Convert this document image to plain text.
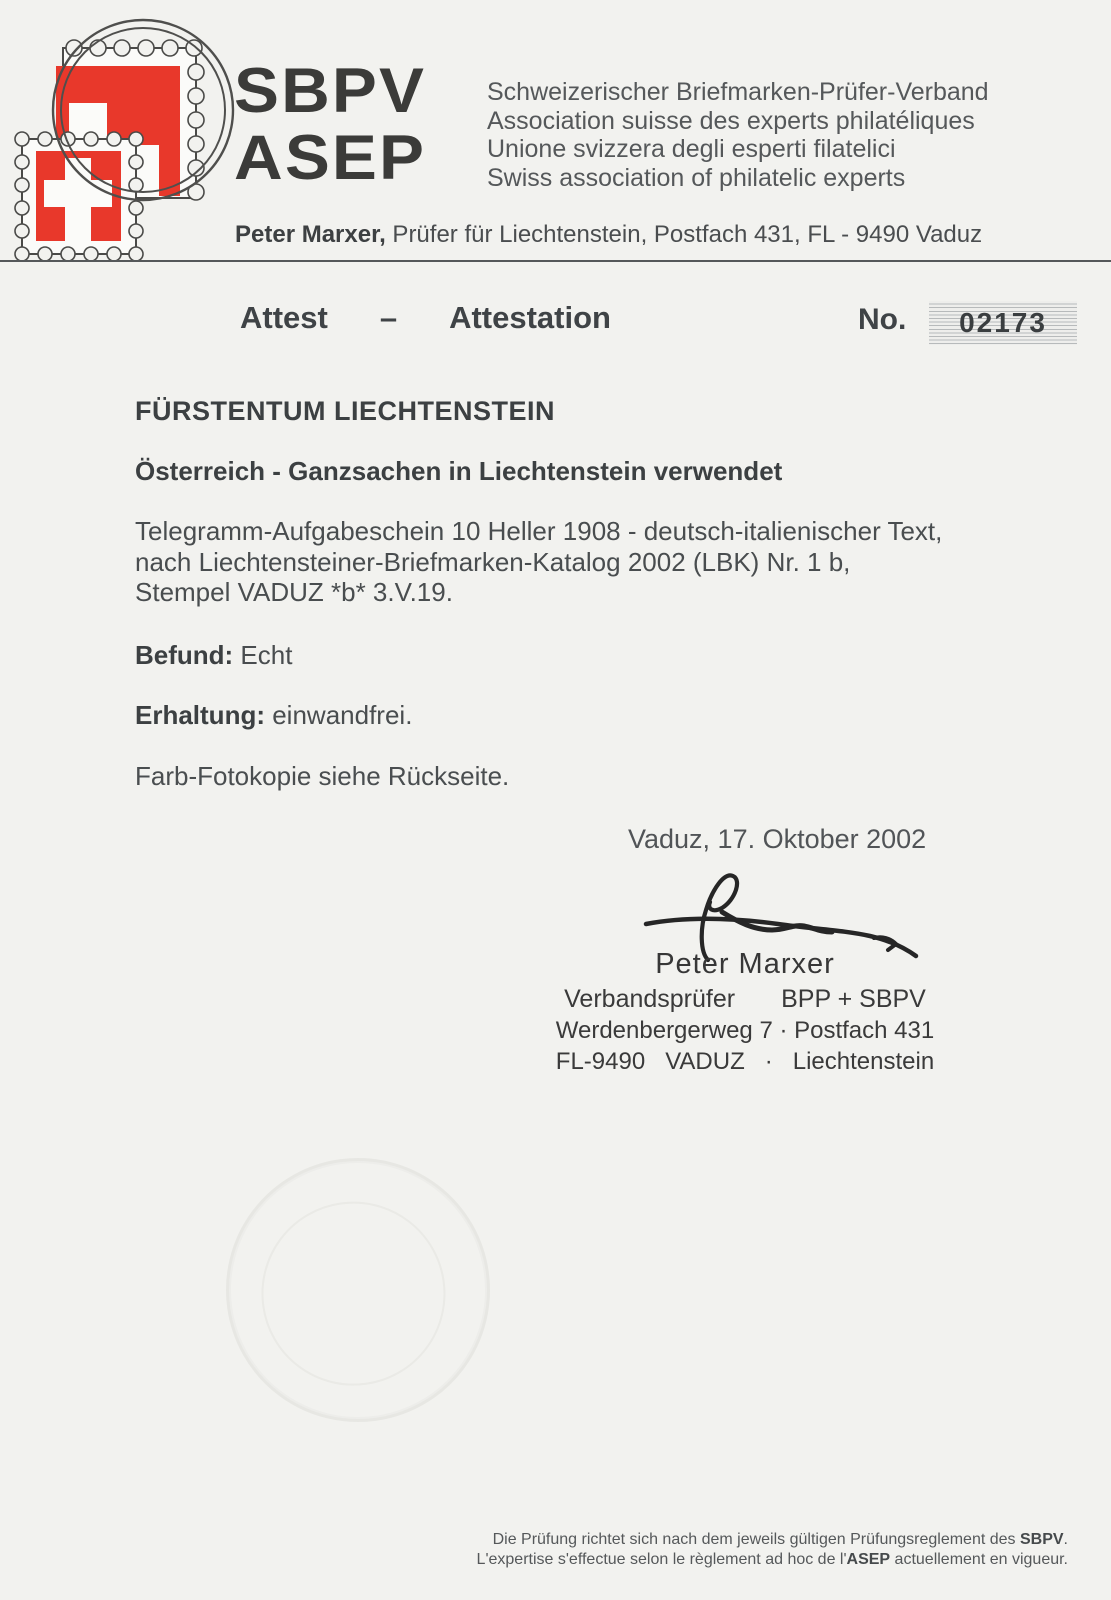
SBPV
ASEP
Schweizerischer Briefmarken-Prüfer-Verband
Association suisse des experts philatéliques
Unione svizzera degli esperti filatelici
Swiss association of philatelic experts
Peter Marxer, Prüfer für Liechtenstein, Postfach 431, FL - 9490 Vaduz
Attest – Attestation	No. 02173
FÜRSTENTUM LIECHTENSTEIN
Österreich - Ganzsachen in Liechtenstein verwendet
Telegramm-Aufgabeschein 10 Heller 1908 - deutsch-italienischer Text,
nach Liechtensteiner-Briefmarken-Katalog 2002 (LBK) Nr. 1 b,
Stempel VADUZ *b* 3.V.19.
Befund: Echt
Erhaltung: einwandfrei.
Farb-Fotokopie siehe Rückseite.
Vaduz, 17. Oktober 2002
Peter Marxer
Verbandsprüfer BPP + SBPV
Werdenbergerweg 7 · Postfach 431
FL-9490   VADUZ   ·   Liechtenstein
Die Prüfung richtet sich nach dem jeweils gültigen Prüfungsreglement des SBPV.
L'expertise s'effectue selon le règlement ad hoc de l'ASEP actuellement en vigueur.
